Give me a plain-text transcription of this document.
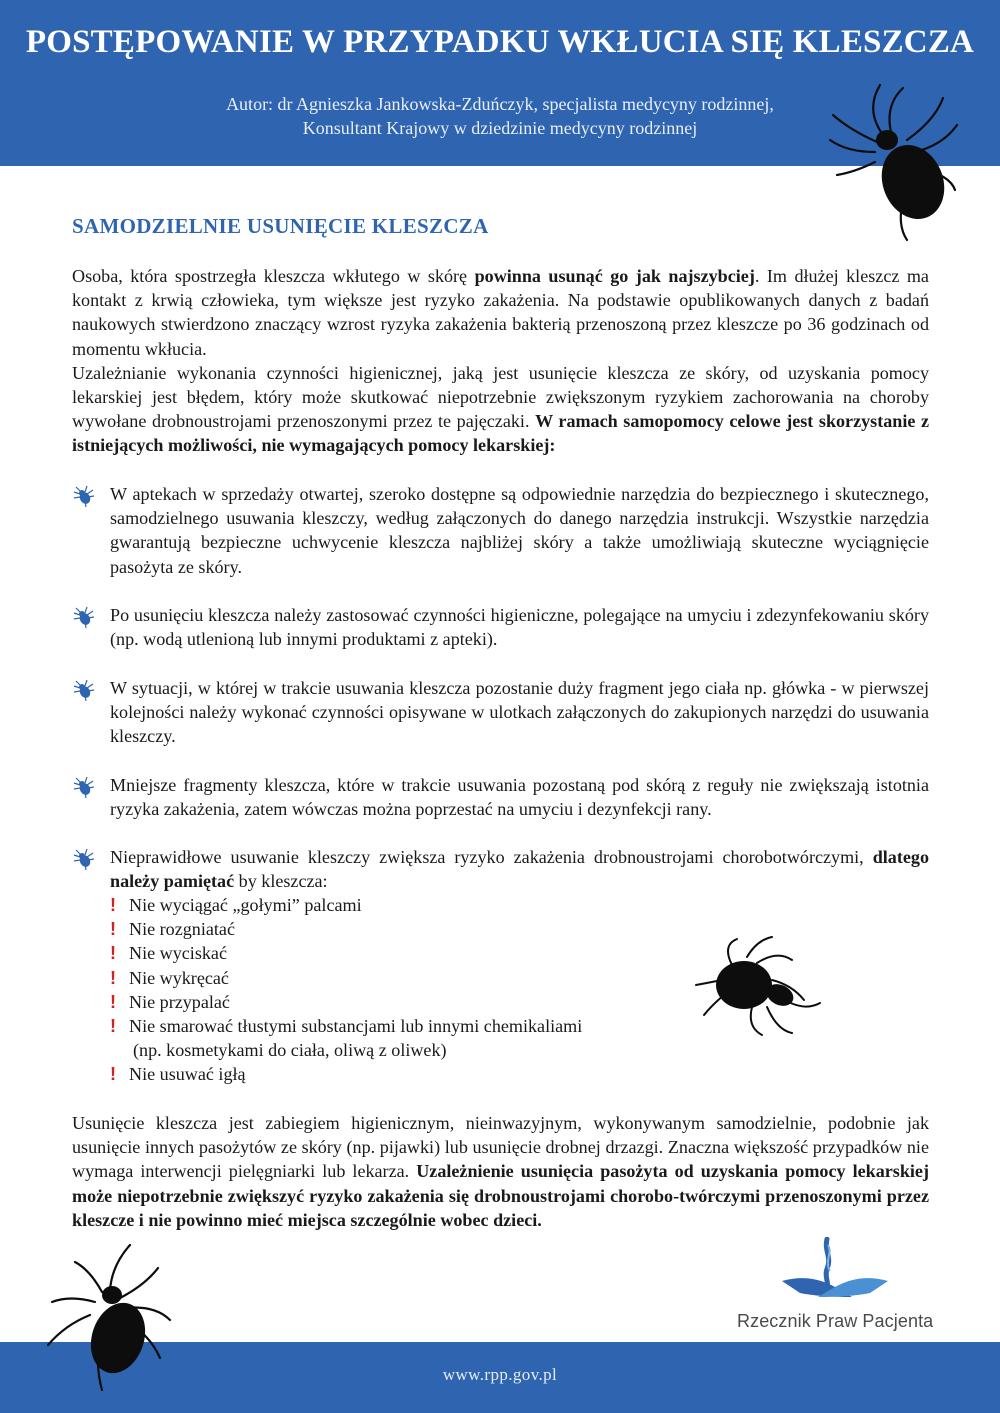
POSTĘPOWANIE W PRZYPADKU WKŁUCIA SIĘ KLESZCZA
Autor: dr Agnieszka Jankowska-Zduńczyk, specjalista medycyny rodzinnej,
Konsultant Krajowy w dziedzinie medycyny rodzinnej
SAMODZIELNIE USUNIĘCIE KLESZCZA

Osoba, która spostrzegła kleszcza wkłutego w skórę powinna usunąć go jak najszybciej. Im dłużej kleszcz ma kontakt z krwią człowieka, tym większe jest ryzyko zakażenia. Na podstawie opublikowanych danych z badań naukowych stwierdzono znaczący wzrost ryzyka zakażenia bakterią przenoszoną przez kleszcze po 36 godzinach od momentu wkłucia.

Uzależnianie wykonania czynności higienicznej, jaką jest usunięcie kleszcza ze skóry, od uzyskania pomocy lekarskiej jest błędem, który może skutkować niepotrzebnie zwiększonym ryzykiem zachorowania na choroby wywołane drobnoustrojami przenoszonymi przez te pajęczaki. W ramach samopomocy celowe jest skorzystanie z istniejących możliwości, nie wymagających pomocy lekarskiej:

W aptekach w sprzedaży otwartej, szeroko dostępne są odpowiednie narzędzia do bezpiecznego i skutecznego, samodzielnego usuwania kleszczy, według załączonych do danego narzędzia instrukcji. Wszystkie narzędzia gwarantują bezpieczne uchwycenie kleszcza najbliżej skóry a także umożliwiają skuteczne wyciągnięcie pasożyta ze skóry.
Po usunięciu kleszcza należy zastosować czynności higieniczne, polegające na umyciu i zdezynfekowaniu skóry (np. wodą utlenioną lub innymi produktami z apteki).
W sytuacji, w której w trakcie usuwania kleszcza pozostanie duży fragment jego ciała np. główka - w pierwszej kolejności należy wykonać czynności opisywane w ulotkach załączonych do zakupionych narzędzi do usuwania kleszczy.
Mniejsze fragmenty kleszcza, które w trakcie usuwania pozostaną pod skórą z reguły nie zwiększają istotnia ryzyka zakażenia, zatem wówczas można poprzestać na umyciu i dezynfekcji rany.
Nieprawidłowe usuwanie kleszczy zwiększa ryzyko zakażenia drobnoustrojami chorobotwórczymi, dlatego należy pamiętać by kleszcza:
! Nie wyciągać „gołymi” palcami
! Nie rozgniatać
! Nie wyciskać
! Nie wykręcać
! Nie przypalać
! Nie smarować tłustymi substancjami lub innymi chemikaliami
(np. kosmetykami do ciała, oliwą z oliwek)
! Nie usuwać igłą
Usunięcie kleszcza jest zabiegiem higienicznym, nieinwazyjnym, wykonywanym samodzielnie, podobnie jak usunięcie innych pasożytów ze skóry (np. pijawki) lub usunięcie drobnej drzazgi. Znaczna większość przypadków nie wymaga interwencji pielęgniarki lub lekarza. Uzależnienie usunięcia pasożyta od uzyskania pomocy lekarskiej może niepotrzebnie zwiększyć ryzyko zakażenia się drobnoustrojami chorobo-twórczymi przenoszonymi przez kleszcze i nie powinno mieć miejsca szczególnie wobec dzieci.
Rzecznik Praw Pacjenta
www.rpp.gov.pl
